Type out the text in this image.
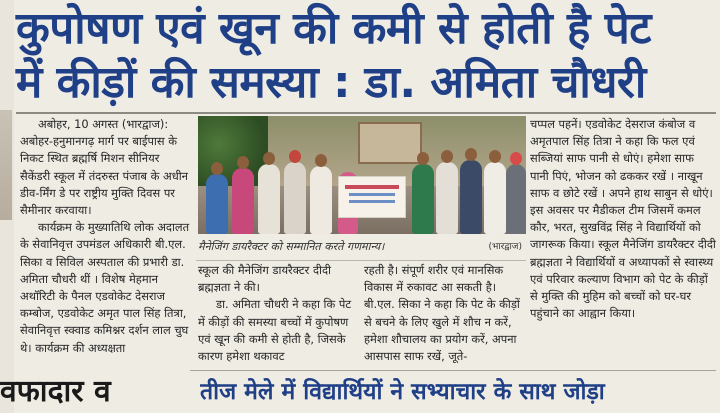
कुपोषण एवं खून की कमी से होती है पेट
में कीड़ों की समस्या : डा. अमिता चौधरी

अबोहर, 10 अगस्त (भारद्वाज):

अबोहर-हनुमानगढ़ मार्ग पर बाईपास के निकट स्थित ब्रह्मर्षि मिशन सीनियर सैकेंडरी स्कूल में तंदरुस्त पंजाब के अधीन डीव-र्मिंग डे पर राष्ट्रीय मुक्ति दिवस पर सैमीनार करवाया।

कार्यक्रम के मुख्यातिथि लोक अदालत के सेवानिवृत्त उपमंडल अधिकारी बी.एल. सिका व सिविल अस्पताल की प्रभारी डा. अमिता चौधरी थीं । विशेष मेहमान अथॉरिटी के पैनल एडवोकेट देसराज कम्बोज, एडवोकेट अमृत पाल सिंह तित्रा, सेवानिवृत्त स्क्वाड कमिश्नर दर्शन लाल चुघ थे। कार्यक्रम की अध्यक्षता

मैनेजिंग डायरैक्टर को सम्मानित करते गणमान्य।	(भारद्वाज)

स्कूल की मैनेजिंग डायरैक्टर दीदी ब्रह्मज्ञता ने की।

डा. अमिता चौधरी ने कहा कि पेट में कीड़ों की समस्या बच्चों में कुपोषण एवं खून की कमी से होती है, जिसके कारण हमेशा थकावट

रहती है। संपूर्ण शरीर एवं मानसिक विकास में रुकावट आ सकती है। बी.एल. सिका ने कहा कि पेट के कीड़ों से बचने के लिए खुले में शौच न करें, हमेशा शौचालय का प्रयोग करें, अपना आसपास साफ रखें, जूते-

चप्पल पहनें। एडवोकेट देसराज कंबोज व अमृतपाल सिंह तित्रा ने कहा कि फल एवं सब्जियां साफ पानी से धोएं। हमेशा साफ पानी पिएं, भोजन को ढककर रखें । नाखून साफ व छोटे रखें । अपने हाथ साबुन से धोएं। इस अवसर पर मैडीकल टीम जिसमें कमल कौर, भरत, सुखविंद्र सिंह ने विद्यार्थियों को जागरूक किया। स्कूल मैनेजिंग डायरैक्टर दीदी ब्रह्मज्ञता ने विद्यार्थियों व अध्यापकों से स्वास्थ्य एवं परिवार कल्याण विभाग को पेट के कीड़ों से मुक्ति की मुहिम को बच्चों को घर-घर पहुंचाने का आह्वान किया।

वफादार व	तीज मेले में विद्यार्थियों ने सभ्याचार के साथ जोड़ा
